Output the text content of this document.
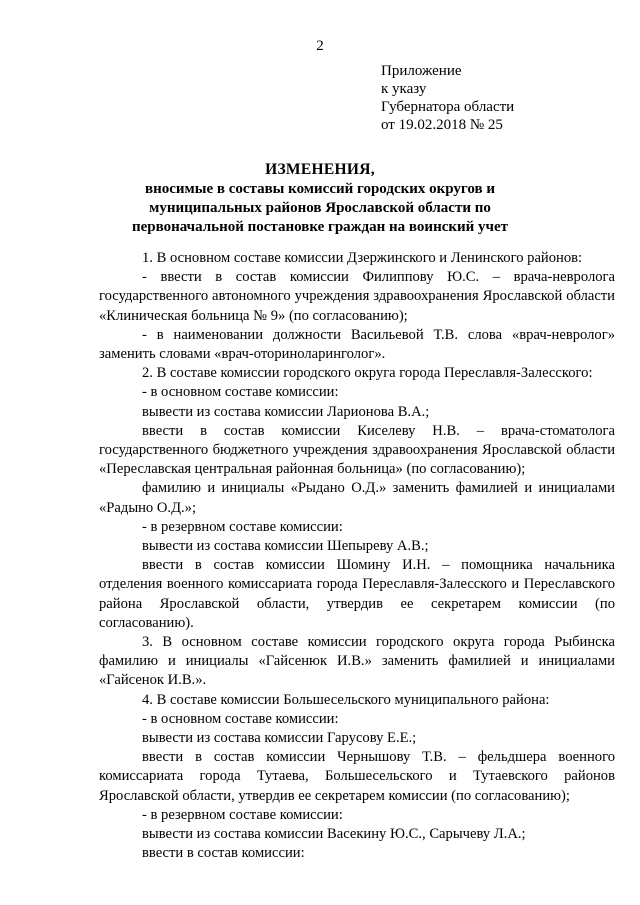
2
Приложение
к указу
Губернатора области
от 19.02.2018 № 25
ИЗМЕНЕНИЯ,
вносимые в составы комиссий городских округов и муниципальных районов Ярославской области по первоначальной постановке граждан на воинский учет

1. В основном составе комиссии Дзержинского и Ленинского районов:

- ввести в состав комиссии Филиппову Ю.С. – врача-невролога государственного автономного учреждения здравоохранения Ярославской области «Клиническая больница № 9» (по согласованию);

- в наименовании должности Васильевой Т.В. слова «врач-невролог» заменить словами «врач-оториноларинголог».

2. В составе комиссии городского округа города Переславля-Залесского:

- в основном составе комиссии:

вывести из состава комиссии Ларионова В.А.;

ввести в состав комиссии Киселеву Н.В. – врача-стоматолога государственного бюджетного учреждения здравоохранения Ярославской области «Переславская центральная районная больница» (по согласованию);

фамилию и инициалы «Рыдано О.Д.» заменить фамилией и инициалами «Радыно О.Д.»;

- в резервном составе комиссии:

вывести из состава комиссии Шепыреву А.В.;

ввести в состав комиссии Шомину И.Н. – помощника начальника отделения военного комиссариата города Переславля-Залесского и Переславского района Ярославской области, утвердив ее секретарем комиссии (по согласованию).

3. В основном составе комиссии городского округа города Рыбинска фамилию и инициалы «Гайсенюк И.В.» заменить фамилией и инициалами «Гайсенок И.В.».

4. В составе комиссии Большесельского муниципального района:

- в основном составе комиссии:

вывести из состава комиссии Гарусову Е.Е.;

ввести в состав комиссии Чернышову Т.В. – фельдшера военного комиссариата города Тутаева, Большесельского и Тутаевского районов Ярославской области, утвердив ее секретарем комиссии (по согласованию);

- в резервном составе комиссии:

вывести из состава комиссии Васекину Ю.С., Сарычеву Л.А.;

ввести в состав комиссии:
